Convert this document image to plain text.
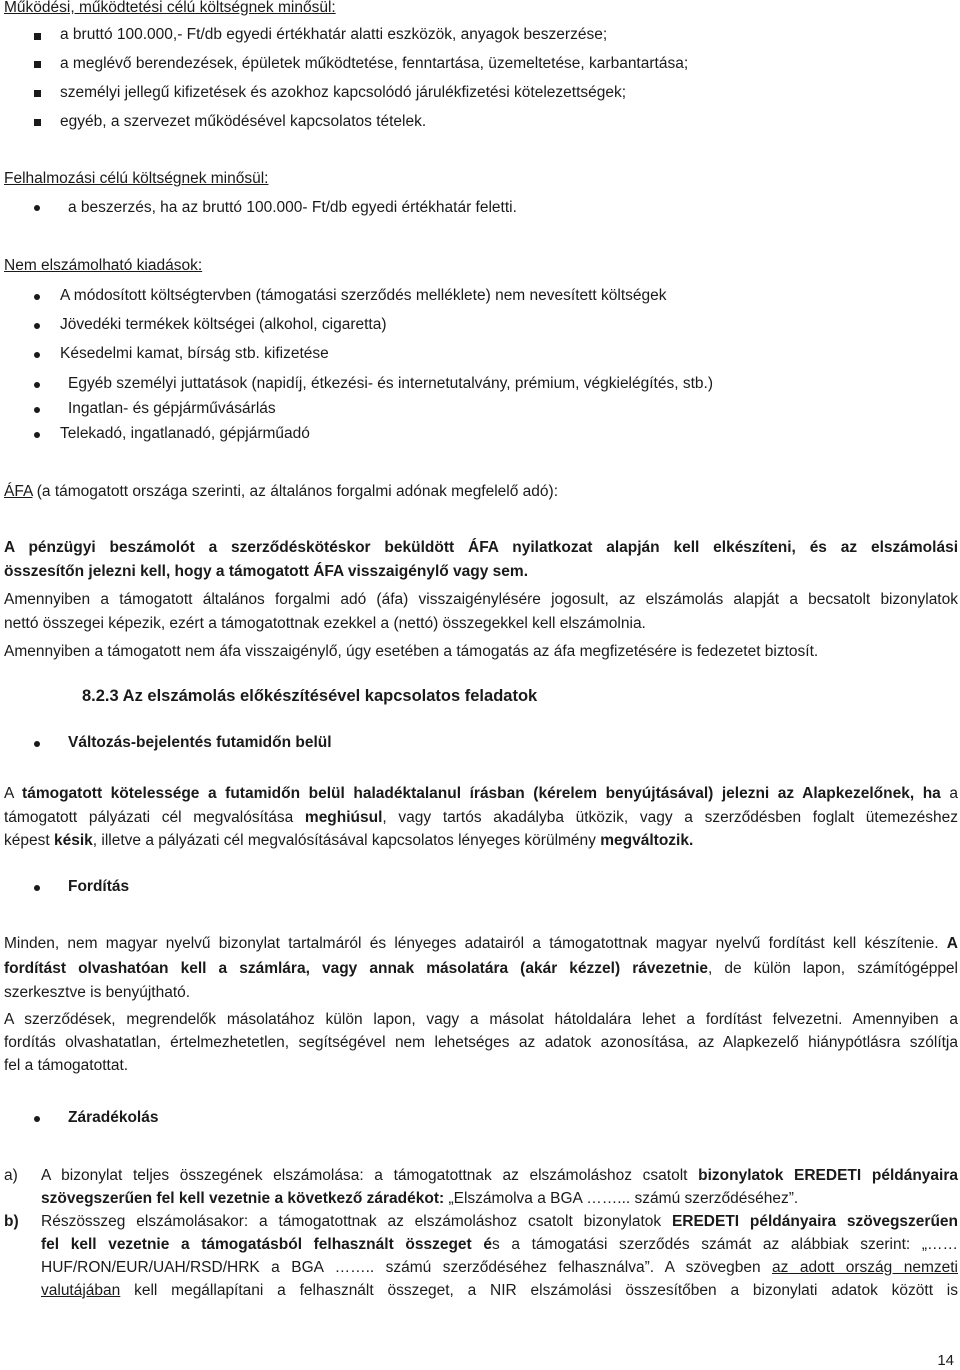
Működési, működtetési célú költségnek minősül:
a bruttó 100.000,- Ft/db egyedi értékhatár alatti eszközök, anyagok beszerzése;
a meglévő berendezések, épületek működtetése, fenntartása, üzemeltetése, karbantartása;
személyi jellegű kifizetések és azokhoz kapcsolódó járulékfizetési kötelezettségek;
egyéb, a szervezet működésével kapcsolatos tételek.
Felhalmozási célú költségnek minősül:
a beszerzés, ha az bruttó 100.000- Ft/db egyedi értékhatár feletti.
Nem elszámolható kiadások:
A módosított költségtervben (támogatási szerződés melléklete) nem nevesített költségek
Jövedéki termékek költségei (alkohol, cigaretta)
Késedelmi kamat, bírság stb. kifizetése
Egyéb személyi juttatások (napidíj, étkezési- és internetutalvány, prémium, végkielégítés, stb.)
Ingatlan- és gépjárművásárlás
Telekadó, ingatlanadó, gépjárműadó
ÁFA (a támogatott országa szerinti, az általános forgalmi adónak megfelelő adó):
A pénzügyi beszámolót a szerződéskötéskor beküldött ÁFA nyilatkozat alapján kell elkészíteni, és az elszámolási
összesítőn jelezni kell, hogy a támogatott ÁFA visszaigénylő vagy sem.
Amennyiben a támogatott általános forgalmi adó (áfa) visszaigénylésére jogosult, az elszámolás alapját a becsatolt bizonylatok
nettó összegei képezik, ezért a támogatottnak ezekkel a (nettó) összegekkel kell elszámolnia.
Amennyiben a támogatott nem áfa visszaigénylő, úgy esetében a támogatás az áfa megfizetésére is fedezetet biztosít.
8.2.3 Az elszámolás előkészítésével kapcsolatos feladatok
Változás-bejelentés futamidőn belül
A támogatott kötelessége a futamidőn belül haladéktalanul írásban (kérelem benyújtásával) jelezni az Alapkezelőnek, ha a
támogatott pályázati cél megvalósítása meghiúsul, vagy tartós akadályba ütközik, vagy a szerződésben foglalt ütemezéshez
képest késik, illetve a pályázati cél megvalósításával kapcsolatos lényeges körülmény megváltozik.
Fordítás
Minden, nem magyar nyelvű bizonylat tartalmáról és lényeges adatairól a támogatottnak magyar nyelvű fordítást kell készítenie. A
fordítást olvashatóan kell a számlára, vagy annak másolatára (akár kézzel) rávezetnie, de külön lapon, számítógéppel
szerkesztve is benyújtható.
A szerződések, megrendelők másolatához külön lapon, vagy a másolat hátoldalára lehet a fordítást felvezetni. Amennyiben a
fordítás olvashatatlan, értelmezhetetlen, segítségével nem lehetséges az adatok azonosítása, az Alapkezelő hiánypótlásra szólítja
fel a támogatottat.
Záradékolás
a) A bizonylat teljes összegének elszámolása: a támogatottnak az elszámoláshoz csatolt bizonylatok EREDETI példányaira
szövegszerűen fel kell vezetnie a következő záradékot: „Elszámolva a BGA ……... számú szerződéséhez”.
b) Részösszeg elszámolásakor: a támogatottnak az elszámoláshoz csatolt bizonylatok EREDETI példányaira szövegszerűen
fel kell vezetnie a támogatásból felhasznált összeget és a támogatási szerződés számát az alábbiak szerint: „……
HUF/RON/EUR/UAH/RSD/HRK a BGA …….. számú szerződéséhez felhasználva”. A szövegben az adott ország nemzeti
valutájában kell megállapítani a felhasznált összeget, a NIR elszámolási összesítőben a bizonylati adatok között is
14
